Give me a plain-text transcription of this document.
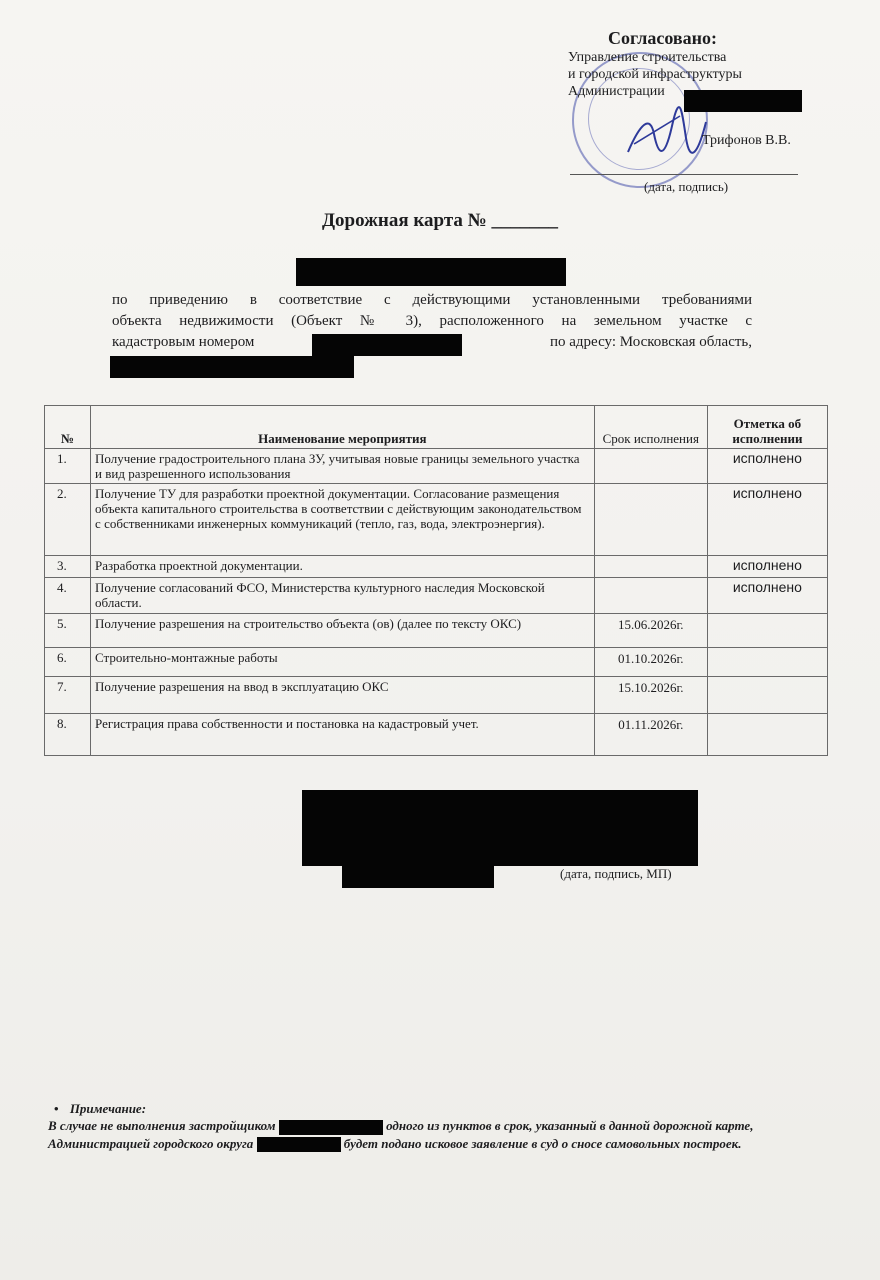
Согласовано:
Управление строительства
и городской инфраструктуры
Администрации
Трифонов В.В.
(дата, подпись)
Дорожная карта № _______
по приведению в соответствие с действующими установленными требованиями
объекта недвижимости (Объект № 3), расположенного на земельном участке с
кадастровым номером	по адресу: Московская область,
№	Наименование мероприятия	Срок исполнения	Отметка об исполнении
1.	Получение градостроительного плана ЗУ, учитывая новые границы земельного участка и вид разрешенного использования		исполнено
2.	Получение ТУ для разработки проектной документации. Согласование размещения объекта капитального строительства в соответствии с действующим законодательством с собственниками инженерных коммуникаций (тепло, газ, вода, электроэнергия).		исполнено
3.	Разработка проектной документации.		исполнено
4.	Получение согласований ФСО, Министерства культурного наследия Московской области.		исполнено
5.	Получение разрешения на строительство объекта (ов) (далее по тексту ОКС)	15.06.2026г.	
6.	Строительно-монтажные работы	01.10.2026г.	
7.	Получение разрешения на ввод в эксплуатацию ОКС	15.10.2026г.	
8.	Регистрация права собственности и постановка на кадастровый учет.	01.11.2026г.	
(дата, подпись, МП)

• Примечание:

В случае не выполнения застройщиком	одного из пунктов в срок, указанный в данной дорожной карте, Администрацией городского округа	будет подано исковое заявление в суд о сносе самовольных построек.
